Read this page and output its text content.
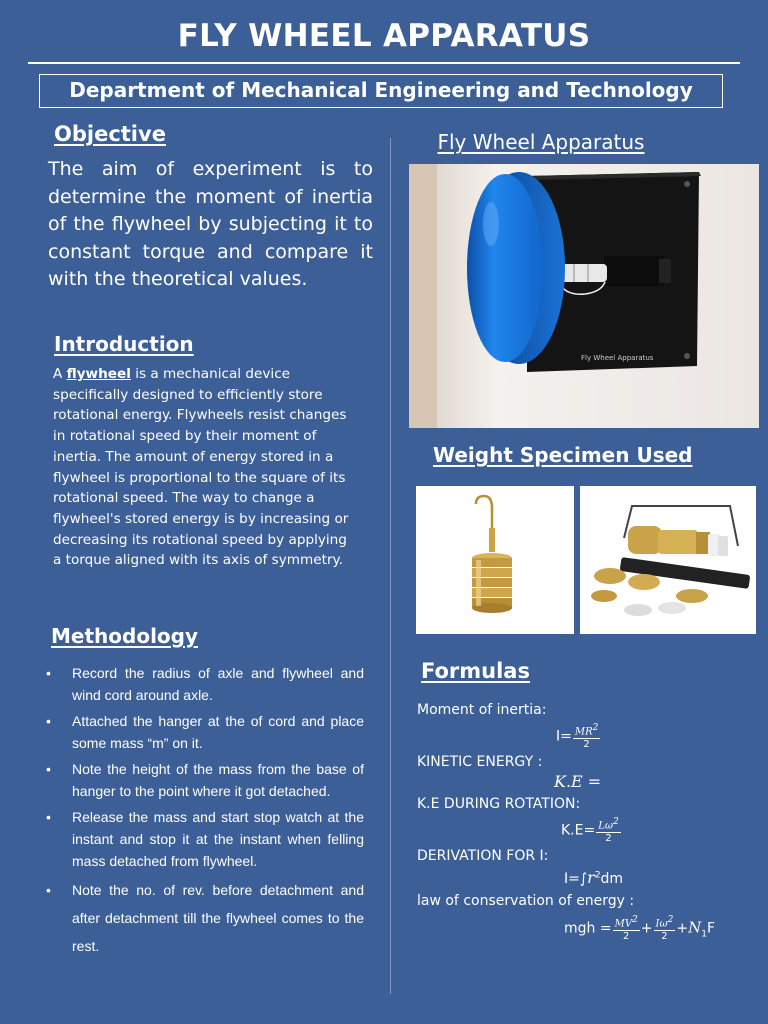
FLY WHEEL APPARATUS
Department of Mechanical Engineering and Technology
Objective
The aim of experiment is to determine the moment of inertia of the flywheel by subjecting it to constant torque and compare it with the theoretical values.
Introduction
A flywheel is a mechanical device specifically designed to efficiently store rotational energy. Flywheels resist changes in rotational speed by their moment of inertia. The amount of energy stored in a flywheel is proportional to the square of its rotational speed. The way to change a flywheel's stored energy is by increasing or decreasing its rotational speed by applying a torque aligned with its axis of symmetry.
Methodology
• Record the radius of axle and flywheel and wind cord around axle.
• Attached the hanger at the of cord and place some mass “m” on it.
• Note the height of the mass from the base of hanger to the point where it got detached.
• Release the mass and start stop watch at the instant and stop it at the instant when felling mass detached from flywheel.
• Note the no. of rev. before detachment and after detachment till the flywheel comes to the rest.
Fly Wheel Apparatus
Fly Wheel Apparatus
Weight Specimen Used
Formulas
Moment of inertia:
$I= \frac{MR^2}{2}$
KINETIC ENERGY :
K.E =
K.E DURING ROTATION:
$K.E= \frac{L\omega^2}{2}$
DERIVATION FOR I:
$I=\int r^2dm$
law of conservation of energy :
mgh = $\frac{MV^2}{2} + \frac{I\omega^2}{2} +N_1F$
